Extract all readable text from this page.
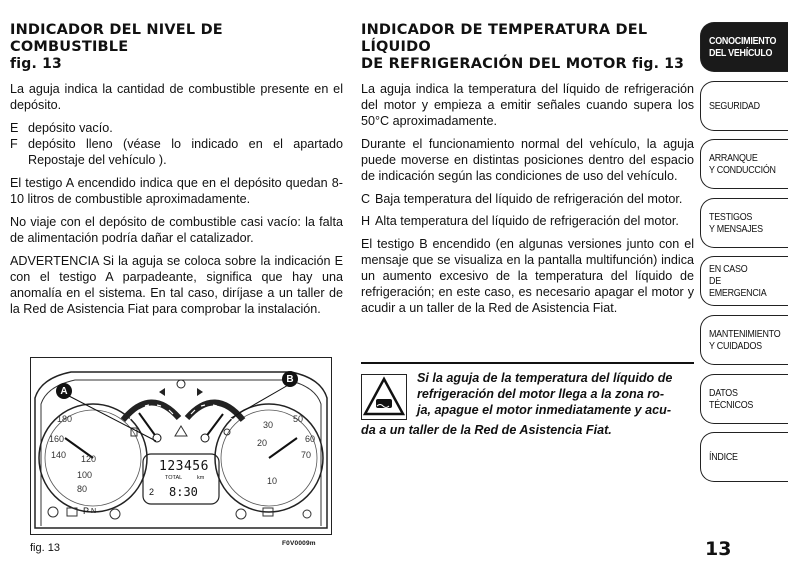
INDICADOR DEL NIVEL DE COMBUSTIBLE
fig. 13

La aguja indica la cantidad de combustible presente en el depósito.

E depósito vacío.
F depósito lleno (véase lo indicado en el apartado Repostaje del vehículo ).

El testigo A encendido indica que en el depósito quedan 8-10 litros de combustible aproximadamente.

No viaje con el depósito de combustible casi vacío: la falta de alimentación podría dañar el catalizador.

ADVERTENCIA Si la aguja se coloca sobre la indicación E con el testigo A parpadeante, significa que hay una anomalía en el sistema. En tal caso, diríjase a un taller de la Red de Asistencia Fiat para comprobar la instalación.

INDICADOR DE TEMPERATURA DEL LÍQUIDO
DE REFRIGERACIÓN DEL MOTOR fig. 13

La aguja indica la temperatura del líquido de refrigeración del motor y empieza a emitir señales cuando supera los 50°C aproximadamente.

Durante el funcionamiento normal del vehículo, la aguja puede moverse en distintas posiciones dentro del espacio de indicación según las condiciones de uso del vehículo.

C Baja temperatura del líquido de refrigeración del motor.
H Alta temperatura del líquido de refrigeración del motor.

El testigo B encendido (en algunas versiones junto con el mensaje que se visualiza en la pantalla multifunción) indica un aumento excesivo de la temperatura del líquido de refrigeración; en este caso, es necesario apagar el motor y acudir a un taller de la Red de Asistencia Fiat.

A
B
180
160
140 120
100
80
50
60
70
30
20
10
123456
TOTAL	km
2 8:30
P N
fig. 13	F0V0009m
Si la aguja de la temperatura del líquido de
refrigeración del motor llega a la zona ro-
ja, apague el motor inmediatamente y acu-
da a un taller de la Red de Asistencia Fiat.
CONOCIMIENTO
DEL VEHÍCULO
SEGURIDAD
ARRANQUE
Y CONDUCCIÓN
TESTIGOS
Y MENSAJES
EN CASO
DE EMERGENCIA
MANTENIMIENTO
Y CUIDADOS
DATOS TÉCNICOS
ÍNDICE
13
